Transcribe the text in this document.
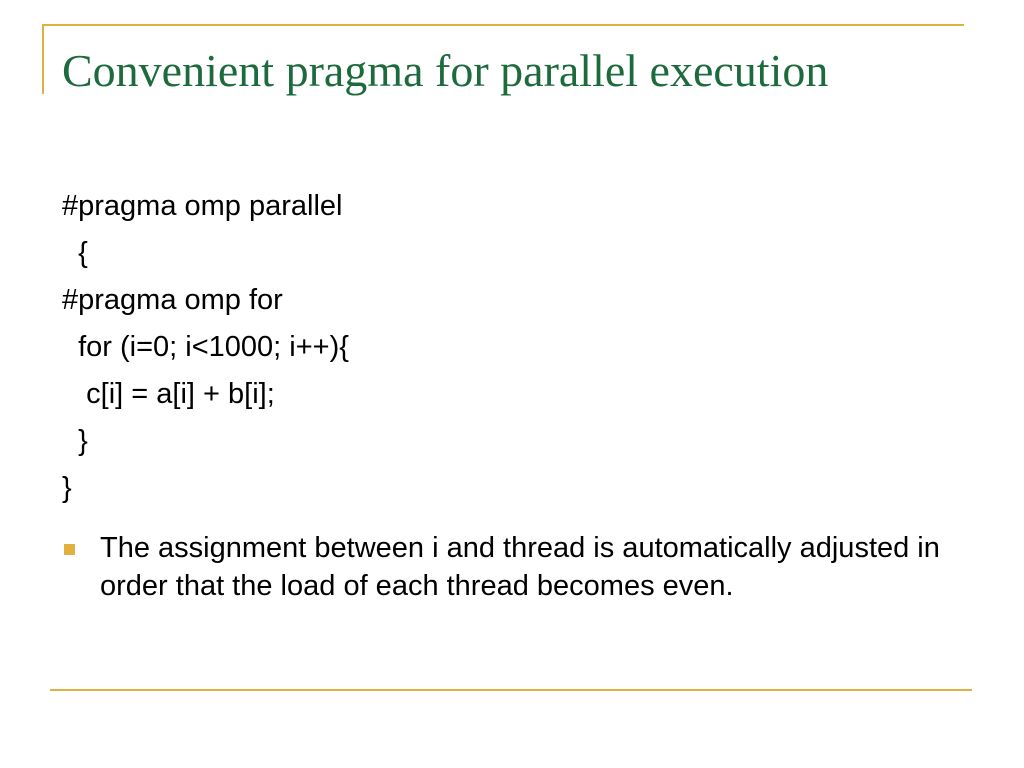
Convenient pragma for parallel execution
#pragma omp parallel
{
#pragma omp for
for (i=0; i<1000; i++){
c[i] = a[i] + b[i];
}
}
The assignment between i and thread is automatically adjusted in order that the load of each thread becomes even.
